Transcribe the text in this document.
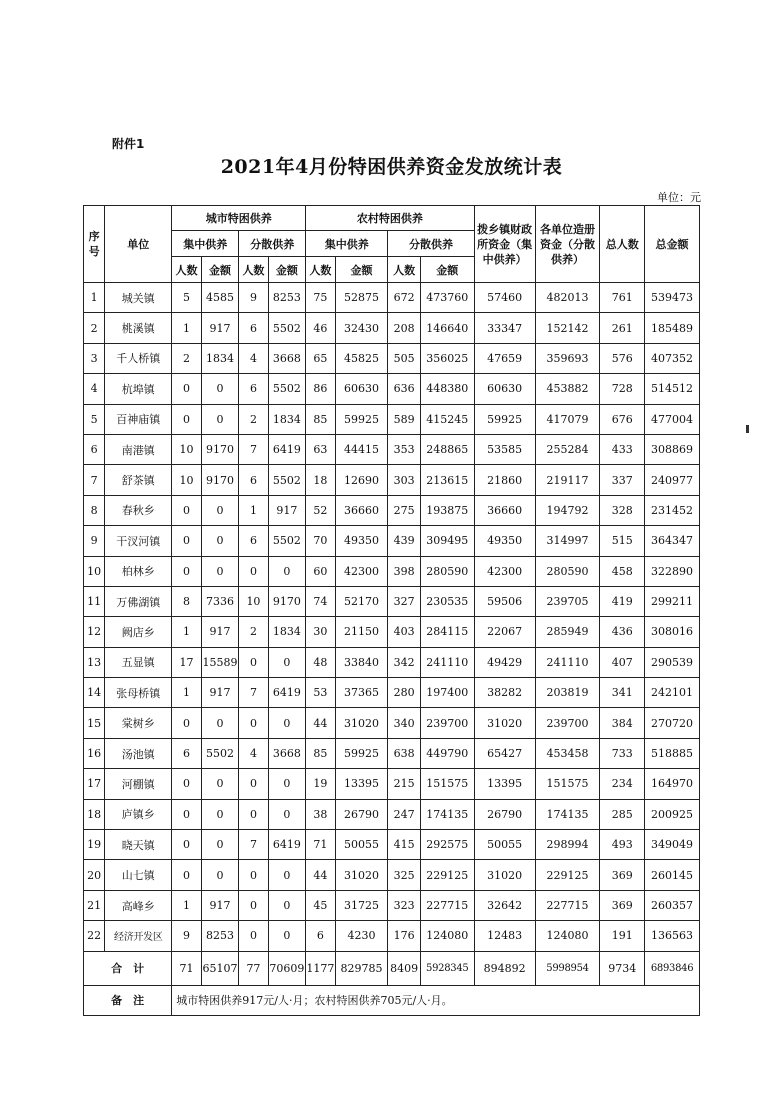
附件1
2021年4月份特困供养资金发放统计表
单位：元
序号	单位	城市特困供养				农村特困供养				拨乡镇财政所资金（集中供养）	各单位造册资金（分散供养）	总人数	总金额
		集中供养		分散供养		集中供养		分散供养					
		人数	金额	人数	金额	人数	金额	人数	金额				
1	城关镇	5	4585	9	8253	75	52875	672	473760	57460	482013	761	539473
2	桃溪镇	1	917	6	5502	46	32430	208	146640	33347	152142	261	185489
3	千人桥镇	2	1834	4	3668	65	45825	505	356025	47659	359693	576	407352
4	杭埠镇	0	0	6	5502	86	60630	636	448380	60630	453882	728	514512
5	百神庙镇	0	0	2	1834	85	59925	589	415245	59925	417079	676	477004
6	南港镇	10	9170	7	6419	63	44415	353	248865	53585	255284	433	308869
7	舒茶镇	10	9170	6	5502	18	12690	303	213615	21860	219117	337	240977
8	春秋乡	0	0	1	917	52	36660	275	193875	36660	194792	328	231452
9	干汊河镇	0	0	6	5502	70	49350	439	309495	49350	314997	515	364347
10	柏林乡	0	0	0	0	60	42300	398	280590	42300	280590	458	322890
11	万佛湖镇	8	7336	10	9170	74	52170	327	230535	59506	239705	419	299211
12	阙店乡	1	917	2	1834	30	21150	403	284115	22067	285949	436	308016
13	五显镇	17	15589	0	0	48	33840	342	241110	49429	241110	407	290539
14	张母桥镇	1	917	7	6419	53	37365	280	197400	38282	203819	341	242101
15	棠树乡	0	0	0	0	44	31020	340	239700	31020	239700	384	270720
16	汤池镇	6	5502	4	3668	85	59925	638	449790	65427	453458	733	518885
17	河棚镇	0	0	0	0	19	13395	215	151575	13395	151575	234	164970
18	庐镇乡	0	0	0	0	38	26790	247	174135	26790	174135	285	200925
19	晓天镇	0	0	7	6419	71	50055	415	292575	50055	298994	493	349049
20	山七镇	0	0	0	0	44	31020	325	229125	31020	229125	369	260145
21	高峰乡	1	917	0	0	45	31725	323	227715	32642	227715	369	260357
22	经济开发区	9	8253	0	0	6	4230	176	124080	12483	124080	191	136563
合　计		71	65107	77	70609	1177	829785	8409	5928345	894892	5998954	9734	6893846
备　注		城市特困供养917元/人·月；农村特困供养705元/人·月。											
